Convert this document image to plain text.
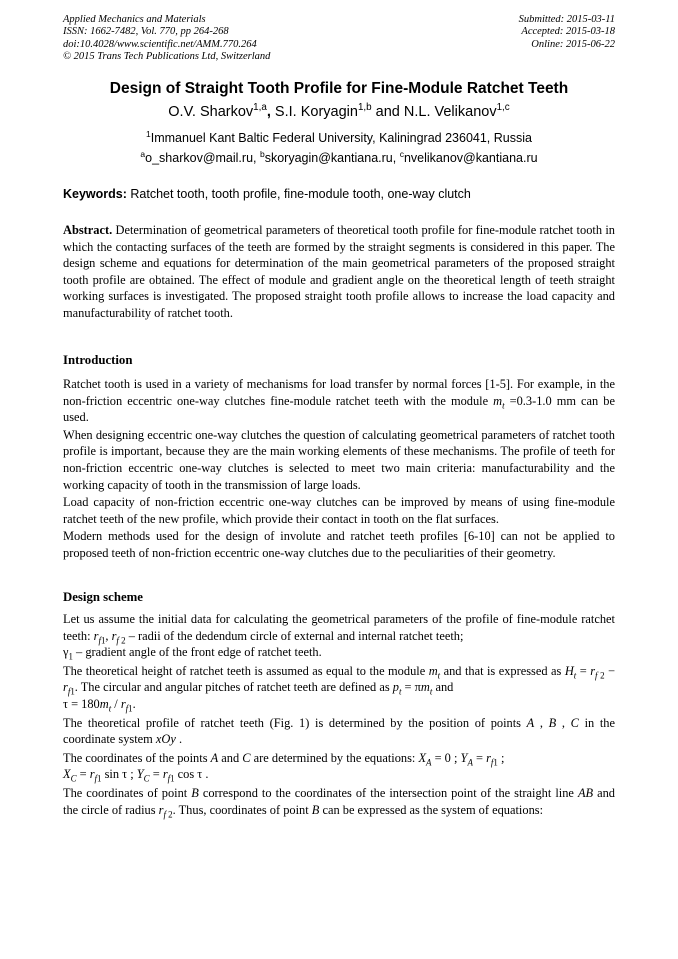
Applied Mechanics and Materials
ISSN: 1662-7482, Vol. 770, pp 264-268
doi:10.4028/www.scientific.net/AMM.770.264
© 2015 Trans Tech Publications Ltd, Switzerland
Submitted: 2015-03-11
Accepted: 2015-03-18
Online: 2015-06-22
Design of Straight Tooth Profile for Fine-Module Ratchet Teeth
O.V. Sharkov$^{1,a}$, S.I. Koryagin$^{1,b}$ and N.L. Velikanov$^{1,c}$
$^1$Immanuel Kant Baltic Federal University, Kaliningrad 236041, Russia
$^a$o_sharkov@mail.ru, $^b$skoryagin@kantiana.ru, $^c$nvelikanov@kantiana.ru
Keywords: Ratchet tooth, tooth profile, fine-module tooth, one-way clutch

Abstract. Determination of geometrical parameters of theoretical tooth profile for fine-module ratchet tooth in which the contacting surfaces of the teeth are formed by the straight segments is considered in this paper. The design scheme and equations for determination of the main geometrical parameters of the proposed straight tooth profile are obtained. The effect of module and gradient angle on the theoretical length of teeth straight working surfaces is investigated. The proposed straight tooth profile allows to increase the load capacity and manufacturability of ratchet tooth.

Introduction

Ratchet tooth is used in a variety of mechanisms for load transfer by normal forces [1-5]. For example, in the non-friction eccentric one-way clutches fine-module ratchet teeth with the module $m_t =0.3-1.0$ mm can be used.

When designing eccentric one-way clutches the question of calculating geometrical parameters of ratchet tooth profile is important, because they are the main working elements of these mechanisms. The profile of teeth for non-friction eccentric one-way clutches is selected to meet two main criteria: manufacturability and the working capacity of tooth in the transmission of large loads.

Load capacity of non-friction eccentric one-way clutches can be improved by means of using fine-module ratchet teeth of the new profile, which provide their contact in tooth on the flat surfaces.

Modern methods used for the design of involute and ratchet teeth profiles [6-10] can not be applied to proposed teeth of non-friction eccentric one-way clutches due to the peculiarities of their geometry.

Design scheme

Let us assume the initial data for calculating the geometrical parameters of the profile of fine-module ratchet teeth: $r_{f1}$, $r_f$ $_2$ – radii of the dedendum circle of external and internal ratchet teeth;
$\gamma_1$ – gradient angle of the front edge of ratchet teeth.

The theoretical height of ratchet teeth is assumed as equal to the module $m_t$ and that is expressed as $H_t = r_f$ $_2 - r_{f1}$. The circular and angular pitches of ratchet teeth are defined as $p_t = \pi m_t$ and
$\tau = 180m_t / r_{f1}$.

The theoretical profile of ratchet teeth (Fig. 1) is determined by the position of points A , B , C in the coordinate system xOy .

The coordinates of the points A and C are determined by the equations: $X_A = 0$ ; $Y_A = r_{f1}$ ;
$X_C = r_{f1}$ sin τ ; $Y_C = r_{f1}$ cos τ .

The coordinates of point B correspond to the coordinates of the intersection point of the straight line AB and the circle of radius $r_f$ $_2$. Thus, coordinates of point B can be expressed as the system of equations:
